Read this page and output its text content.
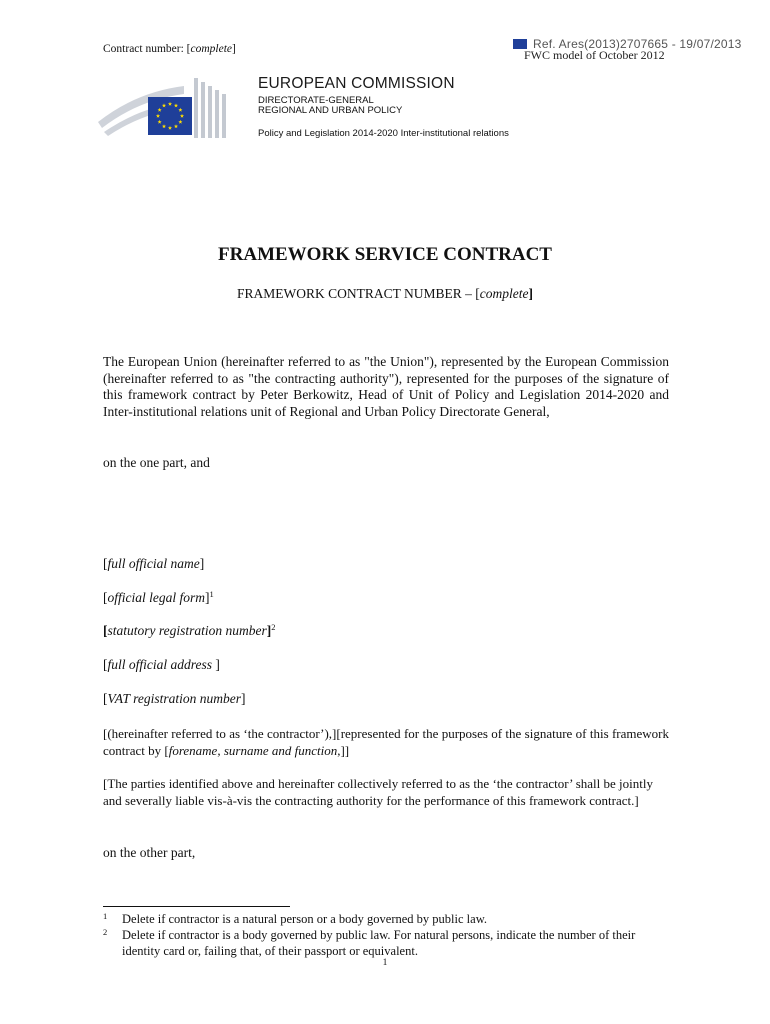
Ref. Ares(2013)2707665 - 19/07/2013
FWC model of October 2012
Contract number: [complete]
EUROPEAN COMMISSION
DIRECTORATE-GENERAL
REGIONAL AND URBAN POLICY
Policy and Legislation 2014-2020 Inter-institutional relations
FRAMEWORK SERVICE CONTRACT
FRAMEWORK CONTRACT NUMBER – [complete]
The European Union (hereinafter referred to as "the Union"), represented by the European Commission (hereinafter referred to as "the contracting authority"), represented for the purposes of the signature of this framework contract by Peter Berkowitz, Head of Unit of Policy and Legislation 2014-2020 and Inter-institutional relations unit of Regional and Urban Policy Directorate General,
on the one part, and
[full official name]
[official legal form]$^1$
[statutory registration number]$^2$
[full official address ]
[VAT registration number]
[(hereinafter referred to as ‘the contractor’),][represented for the purposes of the signature of this framework contract by [forename, surname and function,]]
[The parties identified above and hereinafter collectively referred to as the ‘the contractor’ shall be jointly and severally liable vis-à-vis the contracting authority for the performance of this framework contract.]
on the other part,
1 Delete if contractor is a natural person or a body governed by public law.
2 Delete if contractor is a body governed by public law. For natural persons, indicate the number of their identity card or, failing that, of their passport or equivalent.
1
